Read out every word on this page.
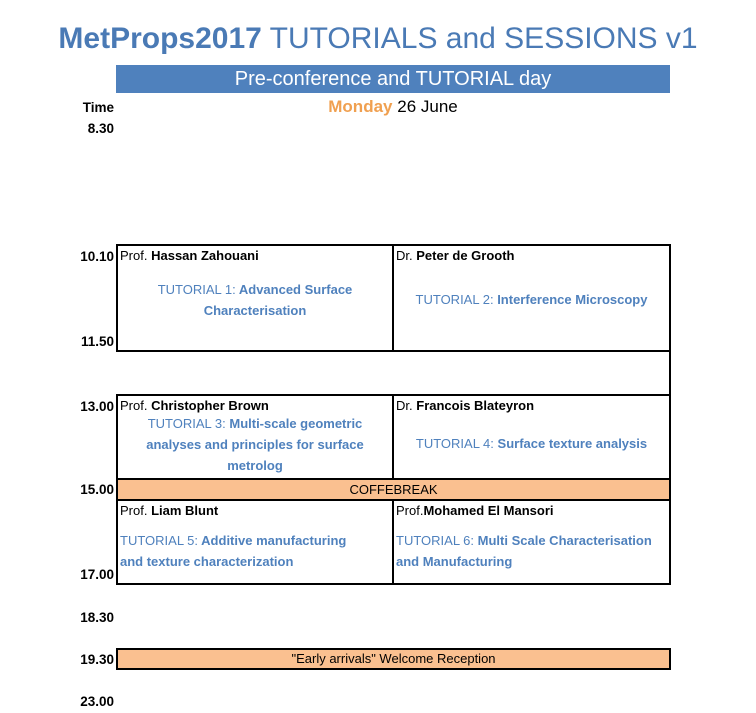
MetProps2017 TUTORIALS and SESSIONS v1
Pre-conference and TUTORIAL day
Monday 26 June
Time
8.30
10.10
11.50
13.00
15.00
17.00
18.30
19.30
23.00
Prof. Hassan Zahouani
TUTORIAL 1: Advanced Surface Characterisation
Dr. Peter de Grooth
TUTORIAL 2: Interference Microscopy
Prof. Christopher Brown
TUTORIAL 3: Multi-scale geometric analyses and principles for surface metrolog
Dr. Francois Blateyron
TUTORIAL 4: Surface texture analysis
COFFEBREAK
Prof. Liam Blunt
TUTORIAL 5: Additive manufacturing and texture characterization
Prof.Mohamed El Mansori
TUTORIAL 6: Multi Scale Characterisation and Manufacturing
"Early arrivals" Welcome Reception
